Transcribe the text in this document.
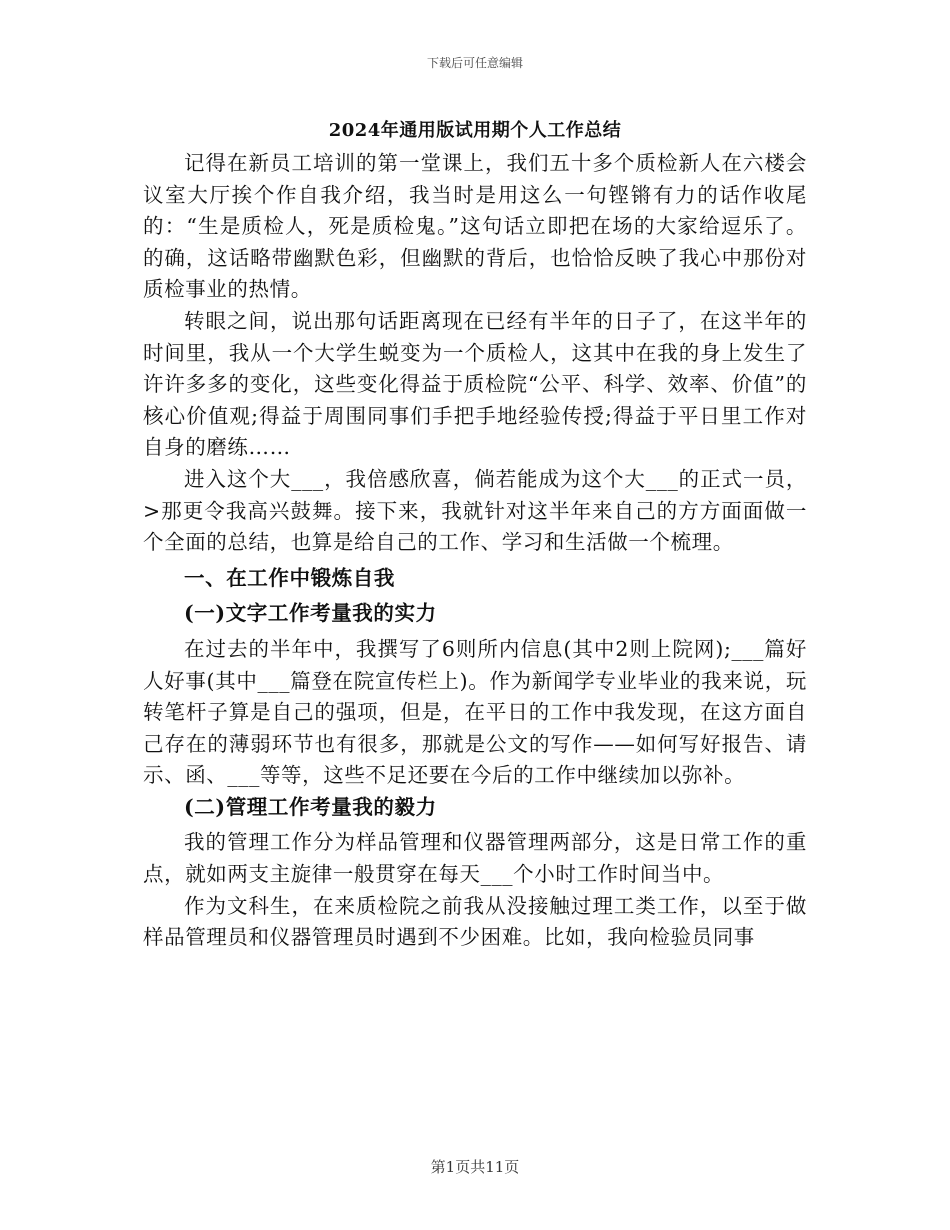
下载后可任意编辑
2024年通用版试用期个人工作总结

记得在新员工培训的第一堂课上，我们五十多个质检新人在六楼会议室大厅挨个作自我介绍，我当时是用这么一句铿锵有力的话作收尾的：“生是质检人，死是质检鬼。”这句话立即把在场的大家给逗乐了。的确，这话略带幽默色彩，但幽默的背后，也恰恰反映了我心中那份对质检事业的热情。

转眼之间，说出那句话距离现在已经有半年的日子了，在这半年的时间里，我从一个大学生蜕变为一个质检人，这其中在我的身上发生了许许多多的变化，这些变化得益于质检院“公平、科学、效率、价值”的核心价值观;得益于周围同事们手把手地经验传授;得益于平日里工作对自身的磨练……

进入这个大___，我倍感欣喜，倘若能成为这个大___的正式一员，>那更令我高兴鼓舞。接下来，我就针对这半年来自己的方方面面做一个全面的总结，也算是给自己的工作、学习和生活做一个梳理。

一、在工作中锻炼自我

(一)文字工作考量我的实力

在过去的半年中，我撰写了6则所内信息(其中2则上院网);___篇好人好事(其中___篇登在院宣传栏上)。作为新闻学专业毕业的我来说，玩转笔杆子算是自己的强项，但是，在平日的工作中我发现，在这方面自己存在的薄弱环节也有很多，那就是公文的写作——如何写好报告、请示、函、___等等，这些不足还要在今后的工作中继续加以弥补。

(二)管理工作考量我的毅力

我的管理工作分为样品管理和仪器管理两部分，这是日常工作的重点，就如两支主旋律一般贯穿在每天___个小时工作时间当中。

作为文科生，在来质检院之前我从没接触过理工类工作，以至于做样品管理员和仪器管理员时遇到不少困难。比如，我向检验员同事

第1页共11页
